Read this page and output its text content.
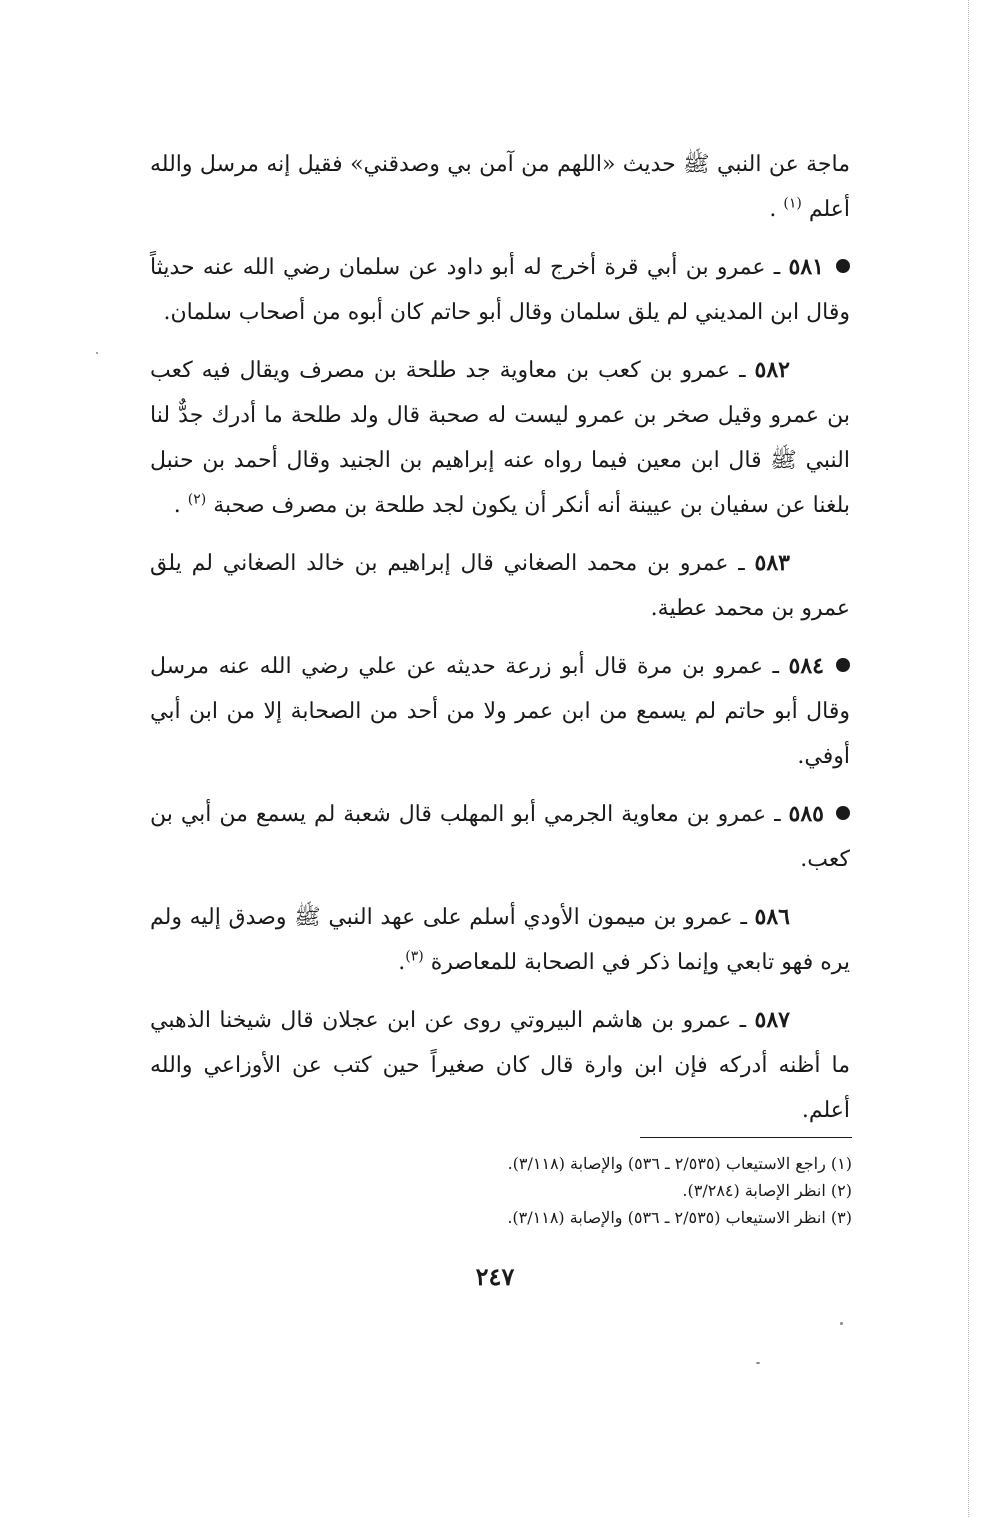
ماجة عن النبي ﷺ حديث «اللهم من آمن بي وصدقني» فقيل إنه مرسل والله أعلم $^{(١)}$ .

٥٨١ ـ عمرو بن أبي قرة أخرج له أبو داود عن سلمان رضي الله عنه حديثاً وقال ابن المديني لم يلق سلمان وقال أبو حاتم كان أبوه من أصحاب سلمان.

٥٨٢ ـ عمرو بن كعب بن معاوية جد طلحة بن مصرف ويقال فيه كعب بن عمرو وقيل صخر بن عمرو ليست له صحبة قال ولد طلحة ما أدرك جدٌّ لنا النبي ﷺ قال ابن معين فيما رواه عنه إبراهيم بن الجنيد وقال أحمد بن حنبل بلغنا عن سفيان بن عيينة أنه أنكر أن يكون لجد طلحة بن مصرف صحبة $^{(٢)}$ .

٥٨٣ ـ عمرو بن محمد الصغاني قال إبراهيم بن خالد الصغاني لم يلق عمرو بن محمد عطية.

٥٨٤ ـ عمرو بن مرة قال أبو زرعة حديثه عن علي رضي الله عنه مرسل وقال أبو حاتم لم يسمع من ابن عمر ولا من أحد من الصحابة إلا من ابن أبي أوفي.

٥٨٥ ـ عمرو بن معاوية الجرمي أبو المهلب قال شعبة لم يسمع من أبي بن كعب.

٥٨٦ ـ عمرو بن ميمون الأودي أسلم على عهد النبي ﷺ وصدق إليه ولم يره فهو تابعي وإنما ذكر في الصحابة للمعاصرة $^{(٣)}$.

٥٨٧ ـ عمرو بن هاشم البيروتي روى عن ابن عجلان قال شيخنا الذهبي ما أظنه أدركه فإن ابن وارة قال كان صغيراً حين كتب عن الأوزاعي والله أعلم.

(١) راجع الاستيعاب (٢/٥٣٥ ـ ٥٣٦) والإصابة (٣/١١٨).

(٢) انظر الإصابة (٣/٢٨٤).

(٣) انظر الاستيعاب (٢/٥٣٥ ـ ٥٣٦) والإصابة (٣/١١٨).

٢٤٧
